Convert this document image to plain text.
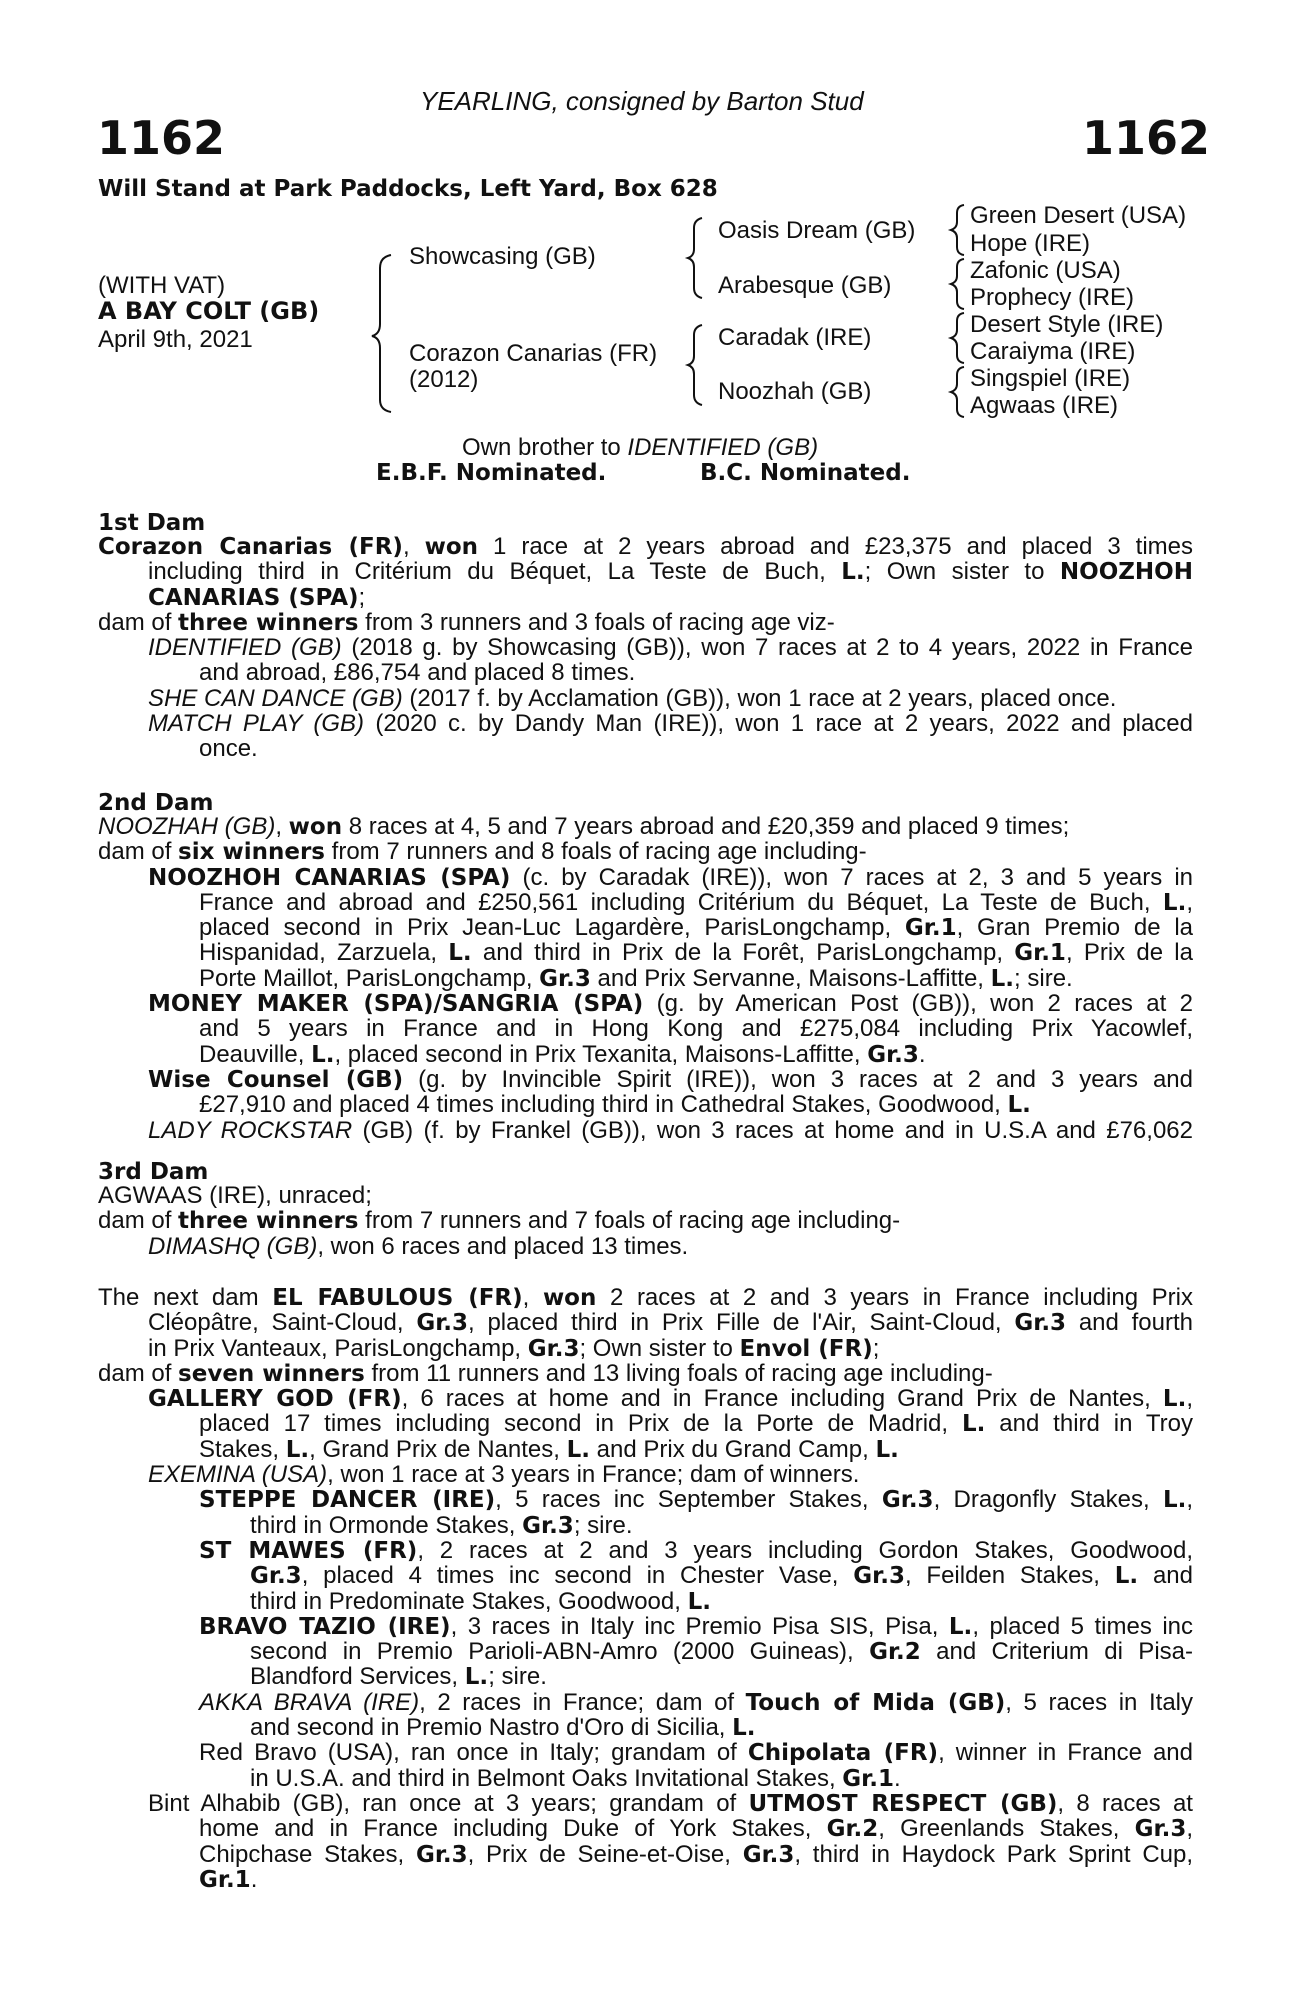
YEARLING, consigned by Barton Stud
1162	1162
Will Stand at Park Paddocks, Left Yard, Box 628
(WITH VAT)
A BAY COLT (GB)
April 9th, 2021
Showcasing (GB)
Corazon Canarias (FR)
(2012)
Oasis Dream (GB)
Arabesque (GB)
Caradak (IRE)
Noozhah (GB)
Green Desert (USA)
Hope (IRE)
Zafonic (USA)
Prophecy (IRE)
Desert Style (IRE)
Caraiyma (IRE)
Singspiel (IRE)
Agwaas (IRE)
Own brother to IDENTIFIED (GB)
E.B.F. Nominated.	B.C. Nominated.
1st Dam
Corazon Canarias (FR), won 1 race at 2 years abroad and £23,375 and placed 3 times
including third in Critérium du Béquet, La Teste de Buch, L.; Own sister to NOOZHOH
CANARIAS (SPA);
dam of three winners from 3 runners and 3 foals of racing age viz-
IDENTIFIED (GB) (2018 g. by Showcasing (GB)), won 7 races at 2 to 4 years, 2022 in France
and abroad, £86,754 and placed 8 times.
SHE CAN DANCE (GB) (2017 f. by Acclamation (GB)), won 1 race at 2 years, placed once.
MATCH PLAY (GB) (2020 c. by Dandy Man (IRE)), won 1 race at 2 years, 2022 and placed
once.
2nd Dam
NOOZHAH (GB), won 8 races at 4, 5 and 7 years abroad and £20,359 and placed 9 times;
dam of six winners from 7 runners and 8 foals of racing age including-
NOOZHOH CANARIAS (SPA) (c. by Caradak (IRE)), won 7 races at 2, 3 and 5 years in
France and abroad and £250,561 including Critérium du Béquet, La Teste de Buch, L.,
placed second in Prix Jean-Luc Lagardère, ParisLongchamp, Gr.1, Gran Premio de la
Hispanidad, Zarzuela, L. and third in Prix de la Forêt, ParisLongchamp, Gr.1, Prix de la
Porte Maillot, ParisLongchamp, Gr.3 and Prix Servanne, Maisons-Laffitte, L.; sire.
MONEY MAKER (SPA)/SANGRIA (SPA) (g. by American Post (GB)), won 2 races at 2
and 5 years in France and in Hong Kong and £275,084 including Prix Yacowlef,
Deauville, L., placed second in Prix Texanita, Maisons-Laffitte, Gr.3.
Wise Counsel (GB) (g. by Invincible Spirit (IRE)), won 3 races at 2 and 3 years and
£27,910 and placed 4 times including third in Cathedral Stakes, Goodwood, L.
LADY ROCKSTAR (GB) (f. by Frankel (GB)), won 3 races at home and in U.S.A and £76,062
3rd Dam
AGWAAS (IRE), unraced;
dam of three winners from 7 runners and 7 foals of racing age including-
DIMASHQ (GB), won 6 races and placed 13 times.
The next dam EL FABULOUS (FR), won 2 races at 2 and 3 years in France including Prix
Cléopâtre, Saint-Cloud, Gr.3, placed third in Prix Fille de l'Air, Saint-Cloud, Gr.3 and fourth
in Prix Vanteaux, ParisLongchamp, Gr.3; Own sister to Envol (FR);
dam of seven winners from 11 runners and 13 living foals of racing age including-
GALLERY GOD (FR), 6 races at home and in France including Grand Prix de Nantes, L.,
placed 17 times including second in Prix de la Porte de Madrid, L. and third in Troy
Stakes, L., Grand Prix de Nantes, L. and Prix du Grand Camp, L.
EXEMINA (USA), won 1 race at 3 years in France; dam of winners.
STEPPE DANCER (IRE), 5 races inc September Stakes, Gr.3, Dragonfly Stakes, L.,
third in Ormonde Stakes, Gr.3; sire.
ST MAWES (FR), 2 races at 2 and 3 years including Gordon Stakes, Goodwood,
Gr.3, placed 4 times inc second in Chester Vase, Gr.3, Feilden Stakes, L. and
third in Predominate Stakes, Goodwood, L.
BRAVO TAZIO (IRE), 3 races in Italy inc Premio Pisa SIS, Pisa, L., placed 5 times inc
second in Premio Parioli-ABN-Amro (2000 Guineas), Gr.2 and Criterium di Pisa-
Blandford Services, L.; sire.
AKKA BRAVA (IRE), 2 races in France; dam of Touch of Mida (GB), 5 races in Italy
and second in Premio Nastro d'Oro di Sicilia, L.
Red Bravo (USA), ran once in Italy; grandam of Chipolata (FR), winner in France and
in U.S.A. and third in Belmont Oaks Invitational Stakes, Gr.1.
Bint Alhabib (GB), ran once at 3 years; grandam of UTMOST RESPECT (GB), 8 races at
home and in France including Duke of York Stakes, Gr.2, Greenlands Stakes, Gr.3,
Chipchase Stakes, Gr.3, Prix de Seine-et-Oise, Gr.3, third in Haydock Park Sprint Cup,
Gr.1.
